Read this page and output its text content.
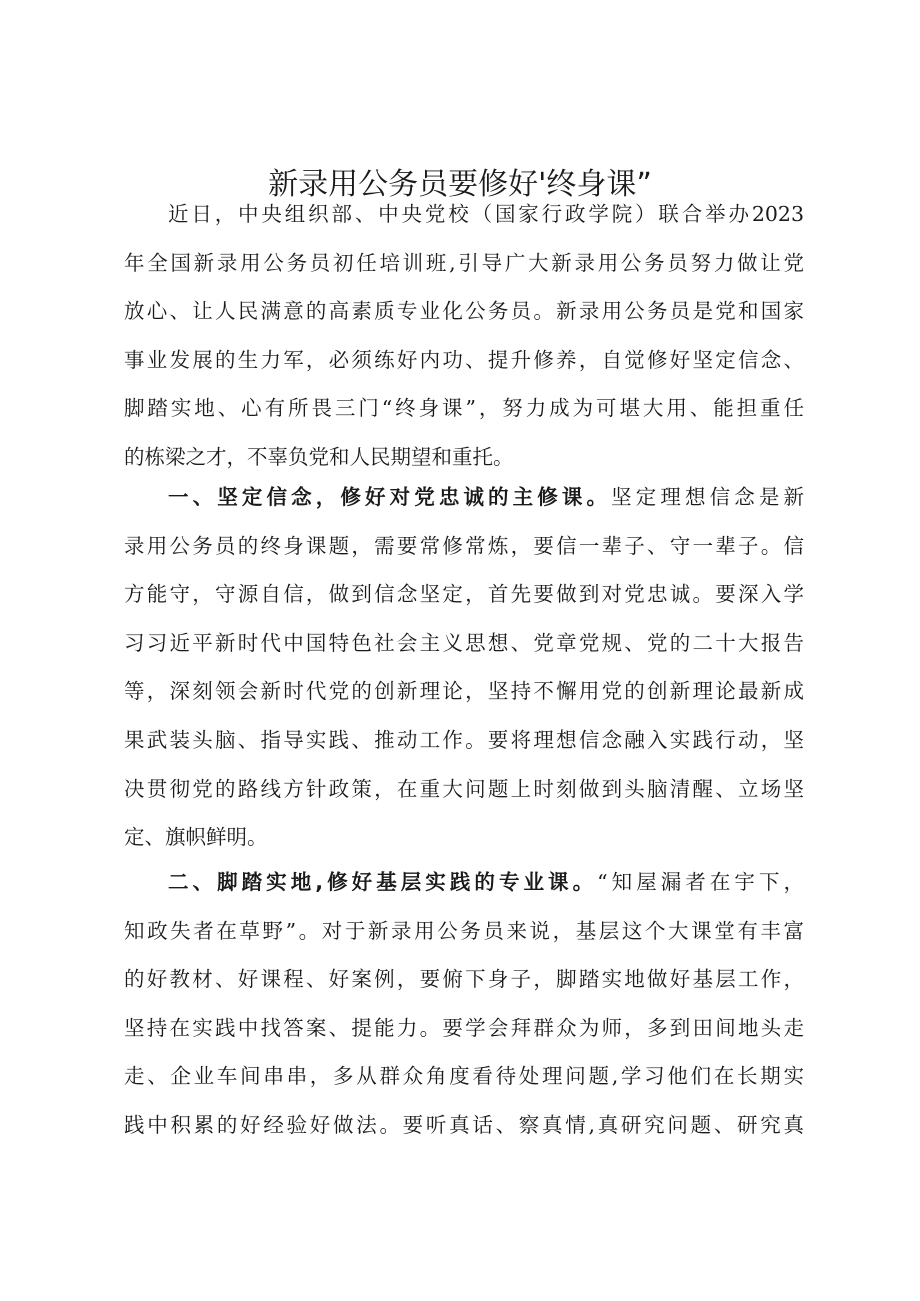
新录用公务员要修好'终身课”
近日，中央组织部、中央党校（国家行政学院）联合举办2023
年全国新录用公务员初任培训班,引导广大新录用公务员努力做让党
放心、让人民满意的高素质专业化公务员。新录用公务员是党和国家
事业发展的生力军，必须练好内功、提升修养，自觉修好坚定信念、
脚踏实地、心有所畏三门“终身课”，努力成为可堪大用、能担重任
的栋梁之才，不辜负党和人民期望和重托。
一、坚定信念，修好对党忠诚的主修课。坚定理想信念是新
录用公务员的终身课题，需要常修常炼，要信一辈子、守一辈子。信
方能守，守源自信，做到信念坚定，首先要做到对党忠诚。要深入学
习习近平新时代中国特色社会主义思想、党章党规、党的二十大报告
等，深刻领会新时代党的创新理论，坚持不懈用党的创新理论最新成
果武装头脑、指导实践、推动工作。要将理想信念融入实践行动，坚
决贯彻党的路线方针政策，在重大问题上时刻做到头脑清醒、立场坚
定、旗帜鲜明。
二、脚踏实地,修好基层实践的专业课。“知屋漏者在宇下，
知政失者在草野”。对于新录用公务员来说，基层这个大课堂有丰富
的好教材、好课程、好案例，要俯下身子，脚踏实地做好基层工作，
坚持在实践中找答案、提能力。要学会拜群众为师，多到田间地头走
走、企业车间串串，多从群众角度看待处理问题,学习他们在长期实
践中积累的好经验好做法。要听真话、察真情,真研究问题、研究真
